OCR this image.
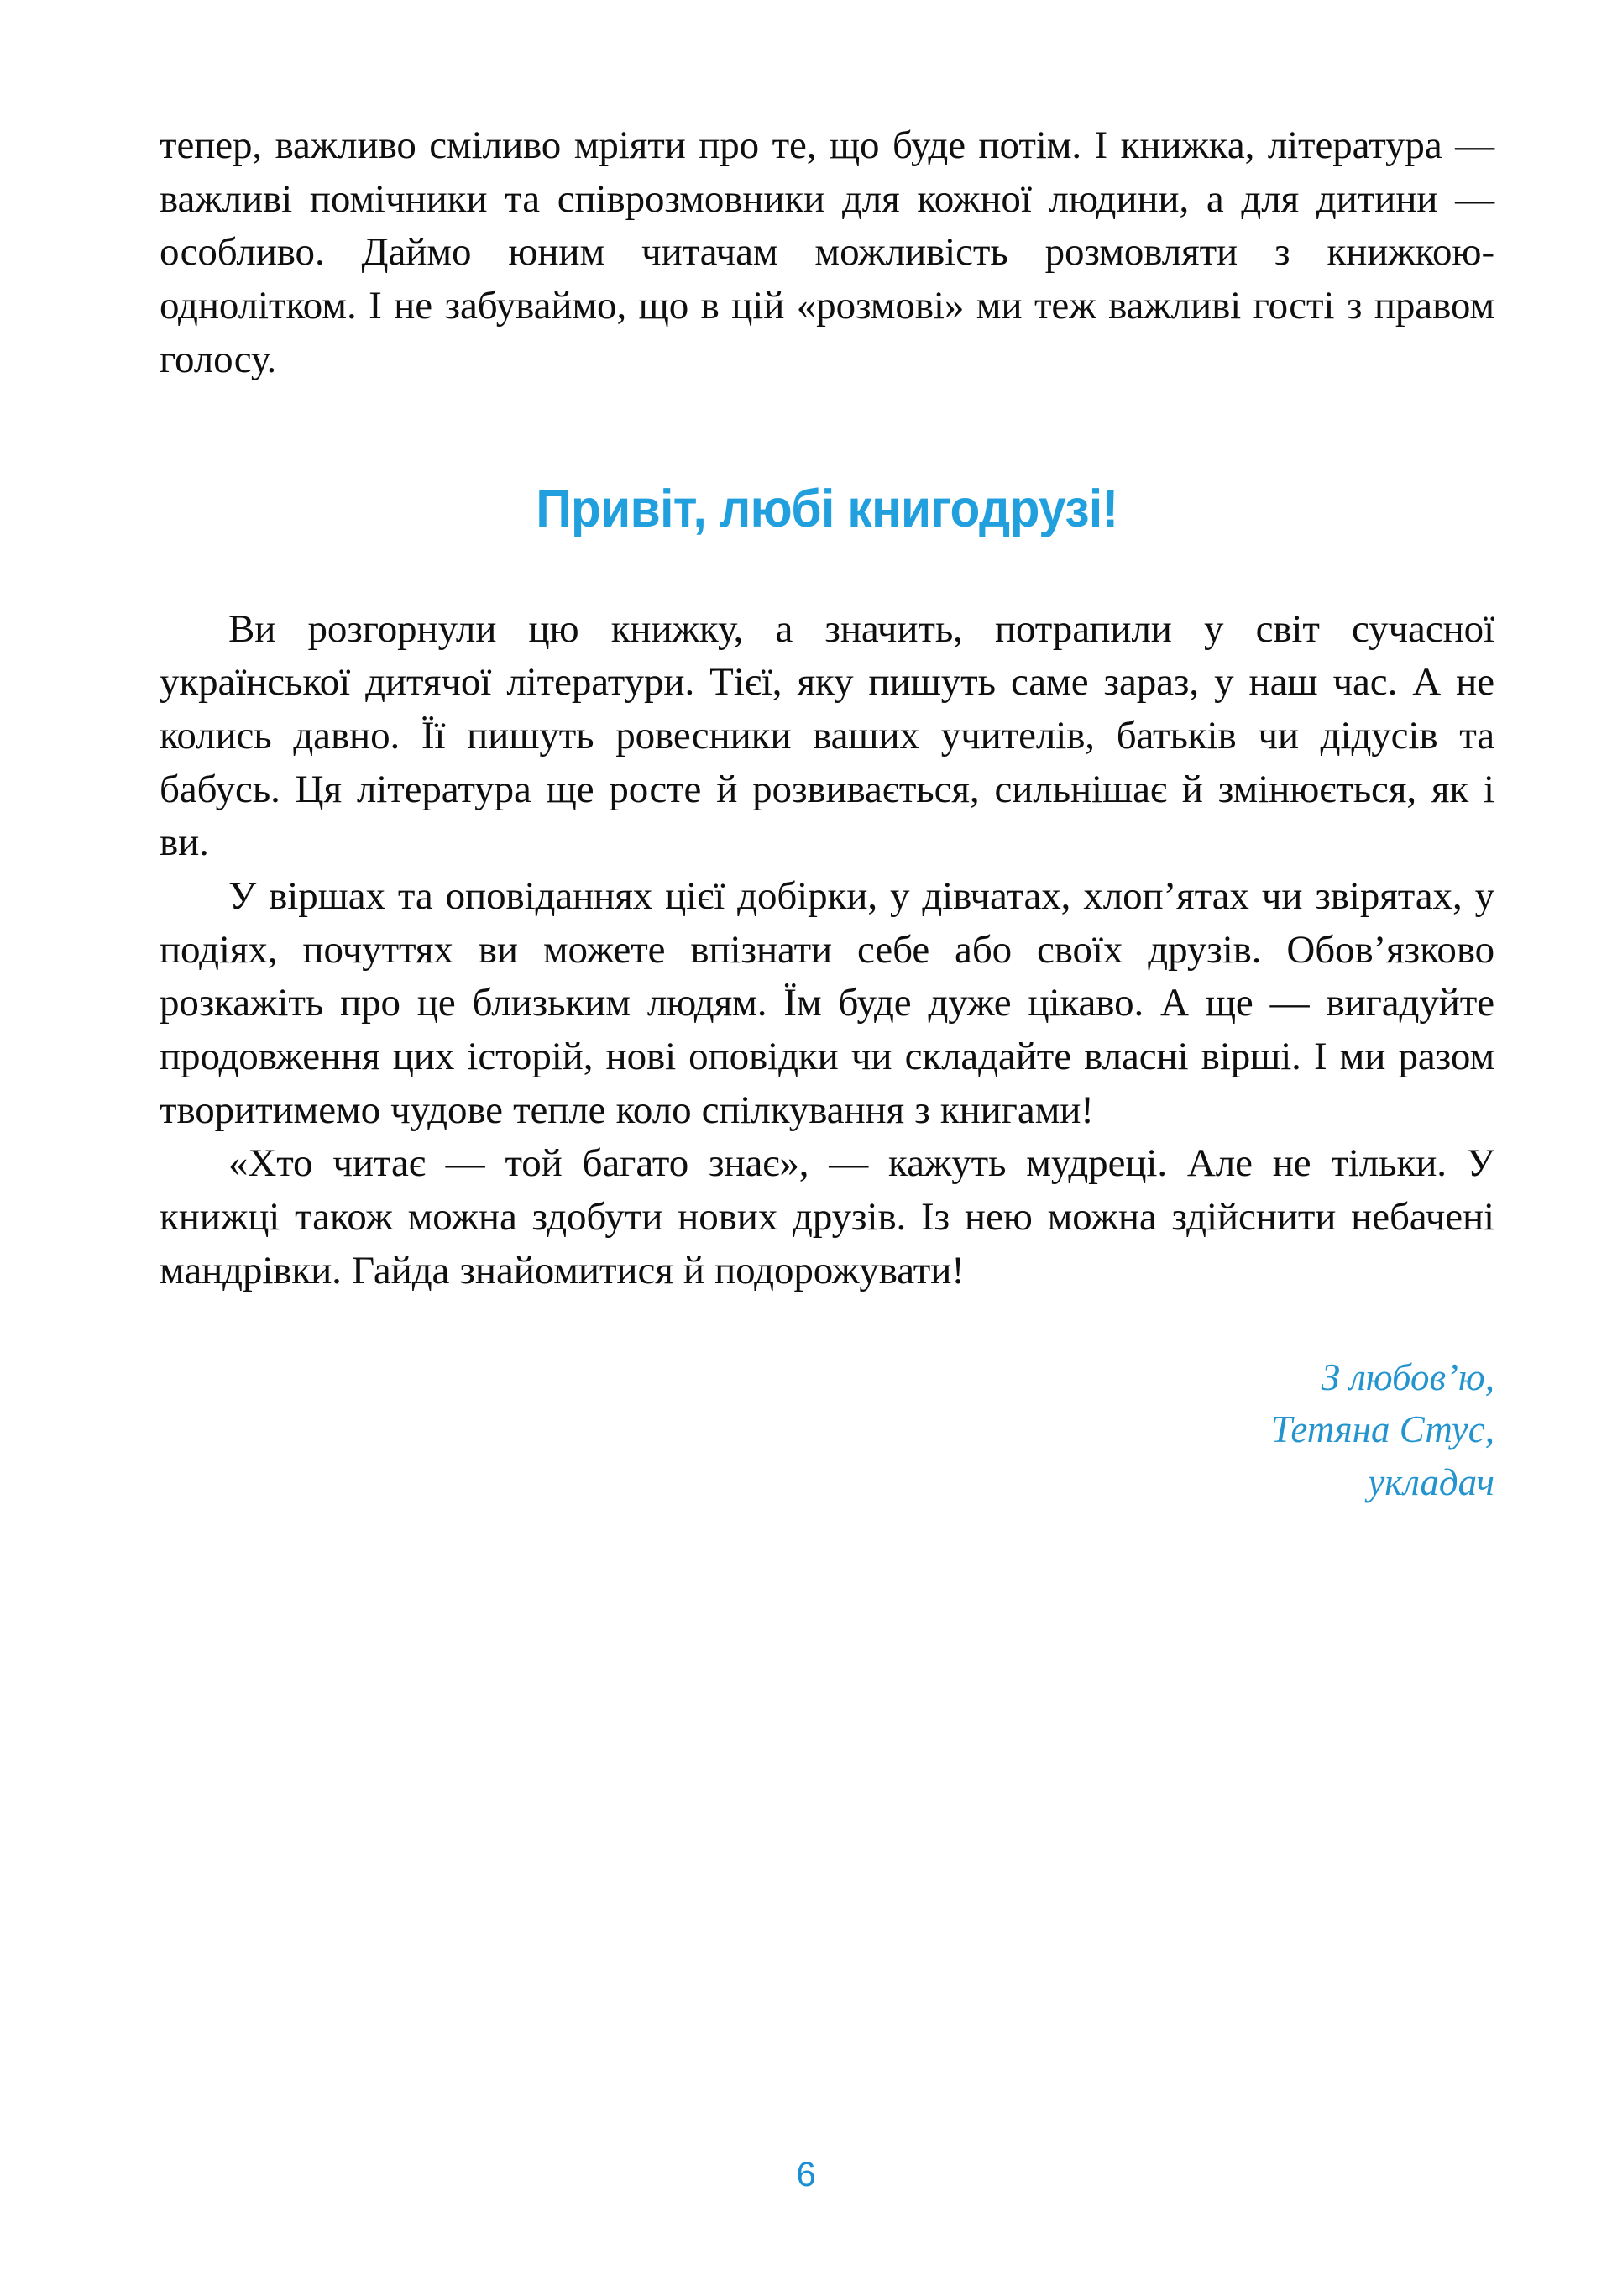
тепер, важливо сміливо мріяти про те, що буде потім. І книжка, література — важливі помічники та співрозмовники для кожної людини, а для дитини — особливо. Даймо юним читачам можливість розмовляти з книжкою-однолітком. І не забуваймо, що в цій «розмові» ми теж важливі гості з правом голосу.

Привіт, любі книгодрузі!

Ви розгорнули цю книжку, а значить, потрапили у світ сучасної української дитячої літератури. Тієї, яку пишуть саме зараз, у наш час. А не колись давно. Її пишуть ровесники ваших учителів, батьків чи дідусів та бабусь. Ця література ще росте й розвивається, сильнішає й змінюється, як і ви.

У віршах та оповіданнях цієї добірки, у дівчатах, хлоп’ятах чи звірятах, у подіях, почуттях ви можете впізнати себе або своїх друзів. Обов’язково розкажіть про це близьким людям. Їм буде дуже цікаво. А ще — вигадуйте продовження цих історій, нові оповідки чи складайте власні вірші. І ми разом творитимемо чудове тепле коло спілкування з книгами!

«Хто читає — той багато знає», — кажуть мудреці. Але не тільки. У книжці також можна здобути нових друзів. Із нею можна здійснити небачені мандрівки. Гайда знайомитися й подорожувати!

З любов’ю,
Тетяна Стус,
укладач
6
